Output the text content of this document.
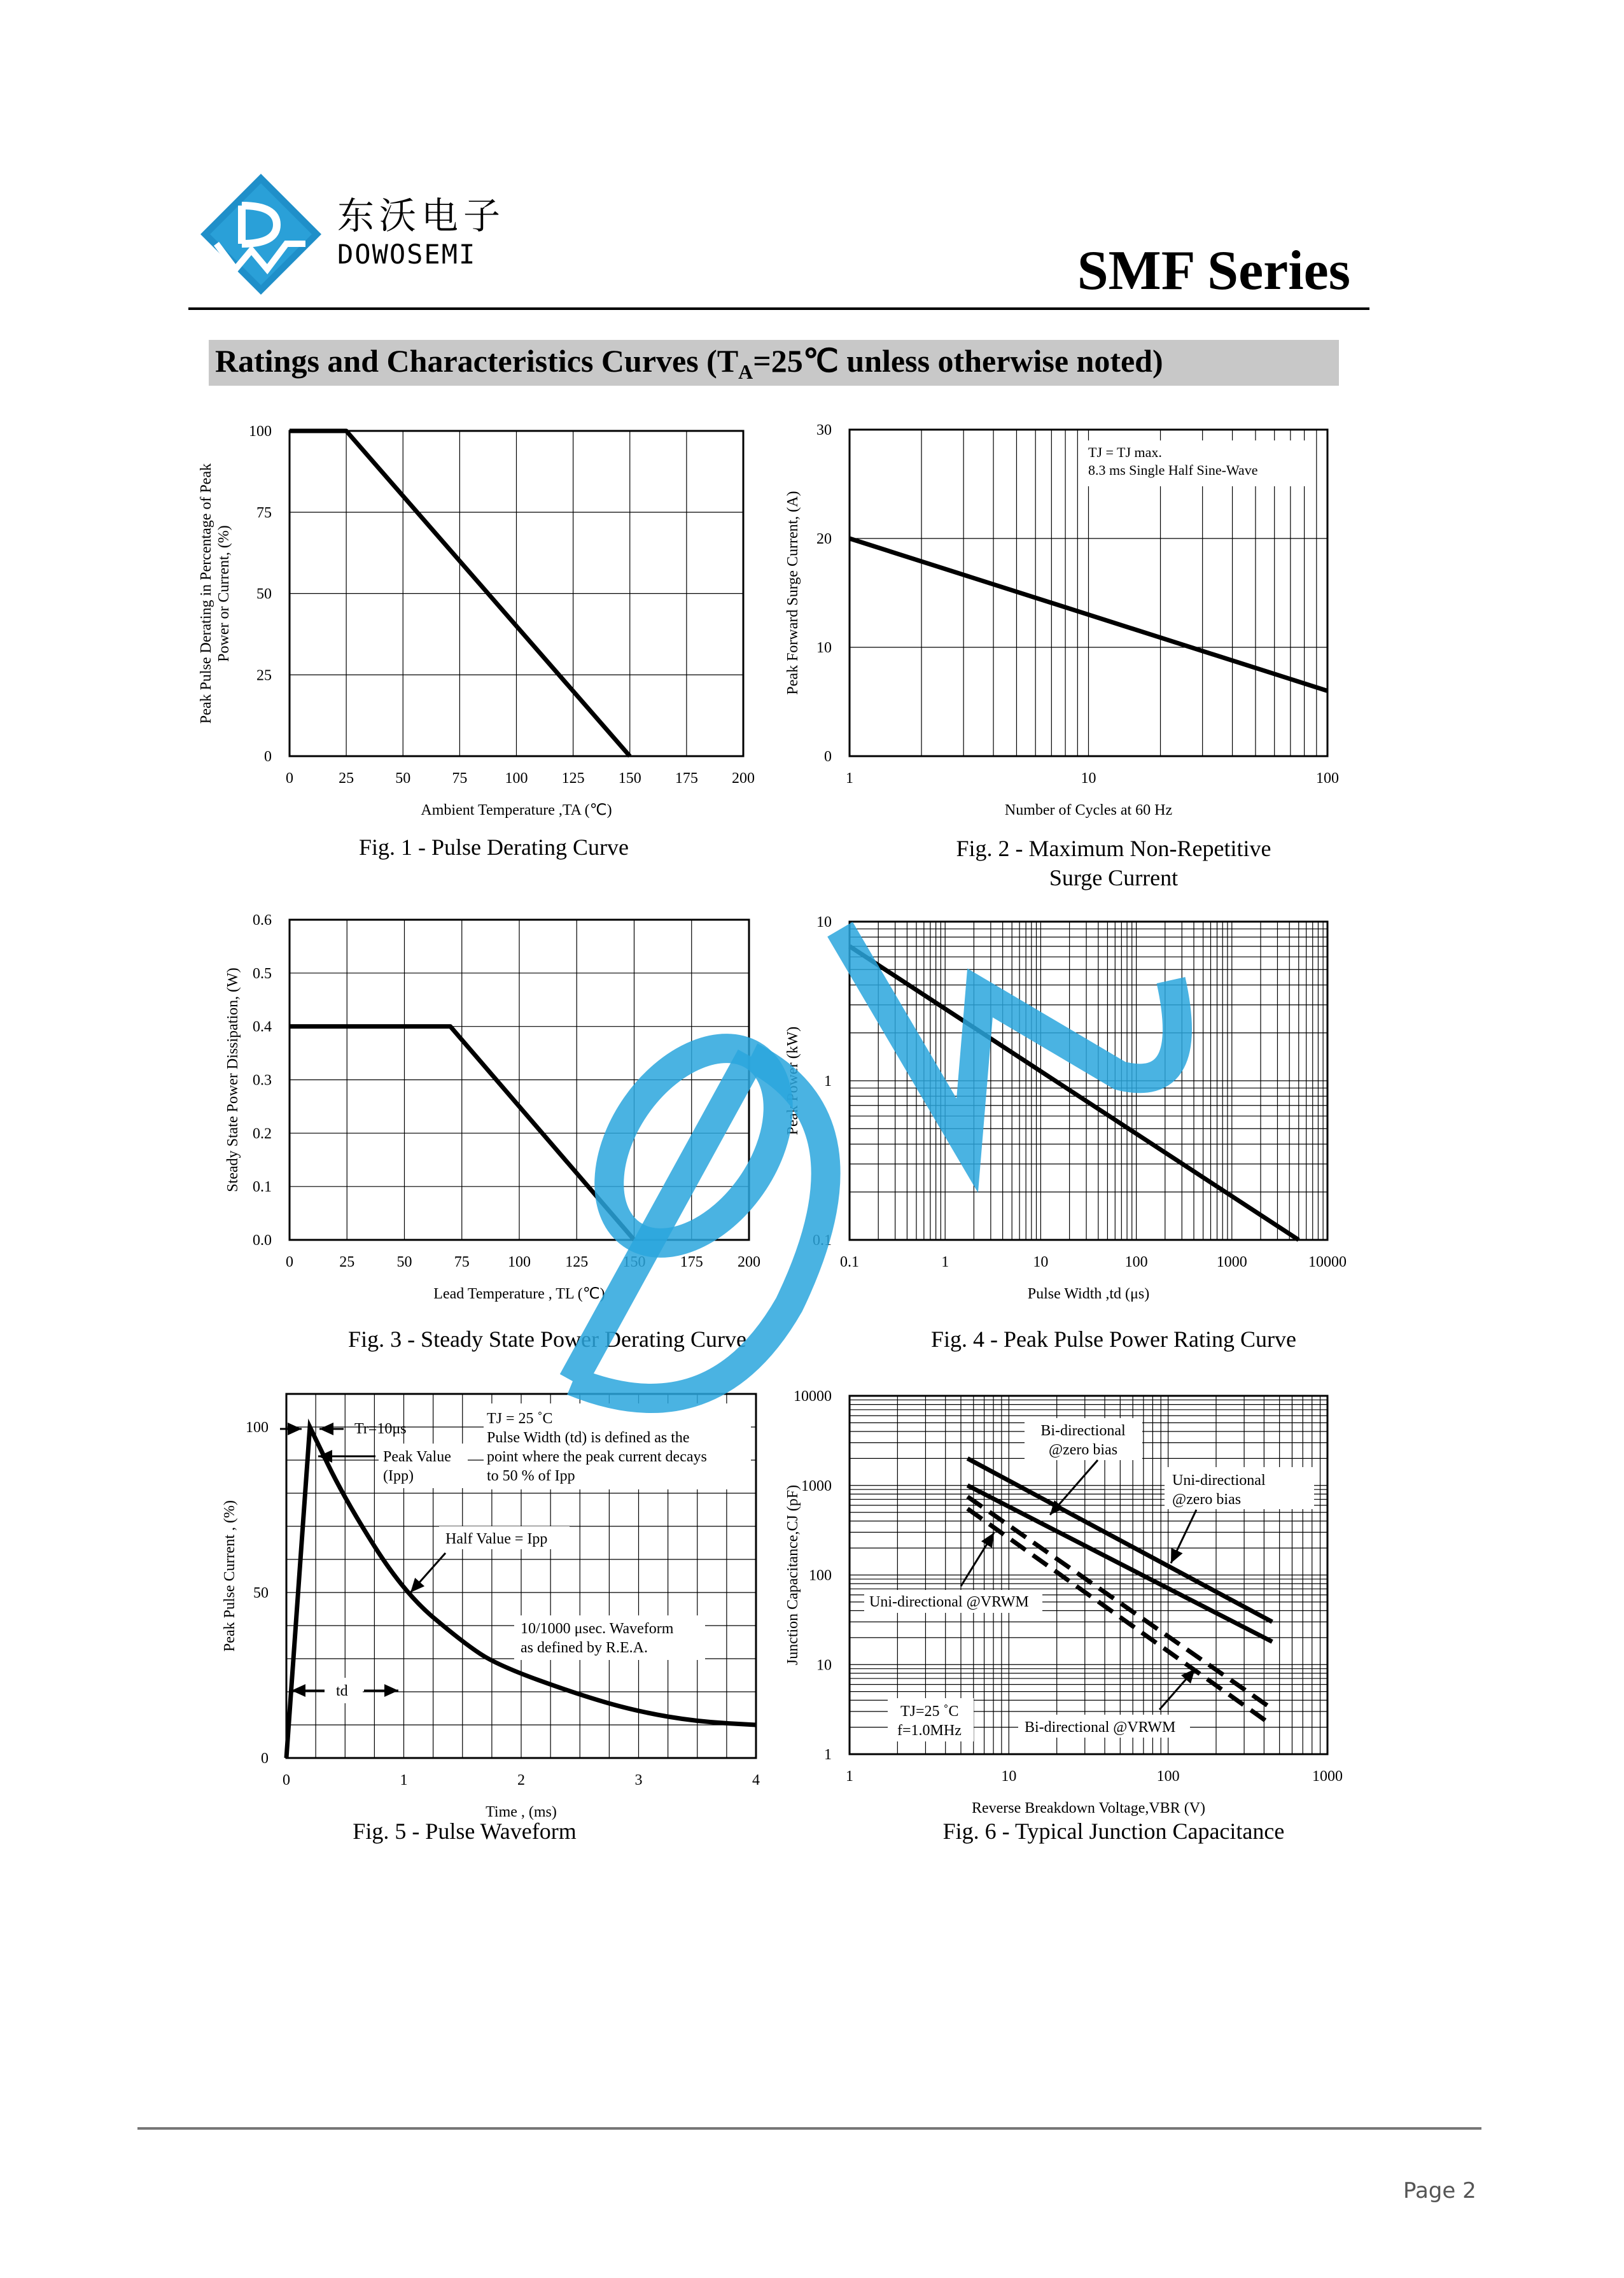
东沃电子
DOWOSEMI	SMF Series
Ratings and Characteristics Curves ($T_A=25℃$ unless otherwise noted)
0	25	50	75 100 125 150 175 200
0
25
50
75
100
Ambient Temperature ,TA (℃)
Peak Pulse Derating in Percentage of Peak Power or Current, (%)
1	10	100
0
10
20
30
Number of Cycles at 60 Hz
Peak Forward Surge Current, (A)
0	25	50	75	100 125 150 175 200
0.0
0.1
0.2
0.3
0.4
0.5
0.6
Lead Temperature , TL (℃)
Steady State Power Dissipation, (W)
0.1	1	10	100	1000	10000
0.1
1
10
Pulse Width ,td (μs)
Peak Power (kW)
0	1	2	3	4
0
50
100
Time , (ms)
Peak Pulse Current , (%)
1	10	100	1000
1
10
100
1000
10000
Reverse Breakdown Voltage,VBR (V)
Junction Capacitance,CJ (pF)
TJ = TJ max.
8.3 ms Single Half Sine-Wave
TJ = 25 ˚C
Pulse Width (td) is defined as the
point where the peak current decays
to 50 % of Ipp
Tr=10μs
Peak Value
(Ipp)
Half Value = Ipp
10/1000 μsec. Waveform
as defined by R.E.A.
td
Bi-directional
@zero bias
Uni-directional
@zero bias
Uni-directional @VRWM
TJ=25 ˚C
f=1.0MHz	Bi-directional @VRWM
Fig. 1 - Pulse Derating Curve	Fig. 2 - Maximum Non-Repetitive
Surge Current
Fig. 3 - Steady State Power Derating Curve	Fig. 4 - Peak Pulse Power Rating Curve
Fig. 5 - Pulse Waveform	Fig. 6 - Typical Junction Capacitance
DOW
Page 2
